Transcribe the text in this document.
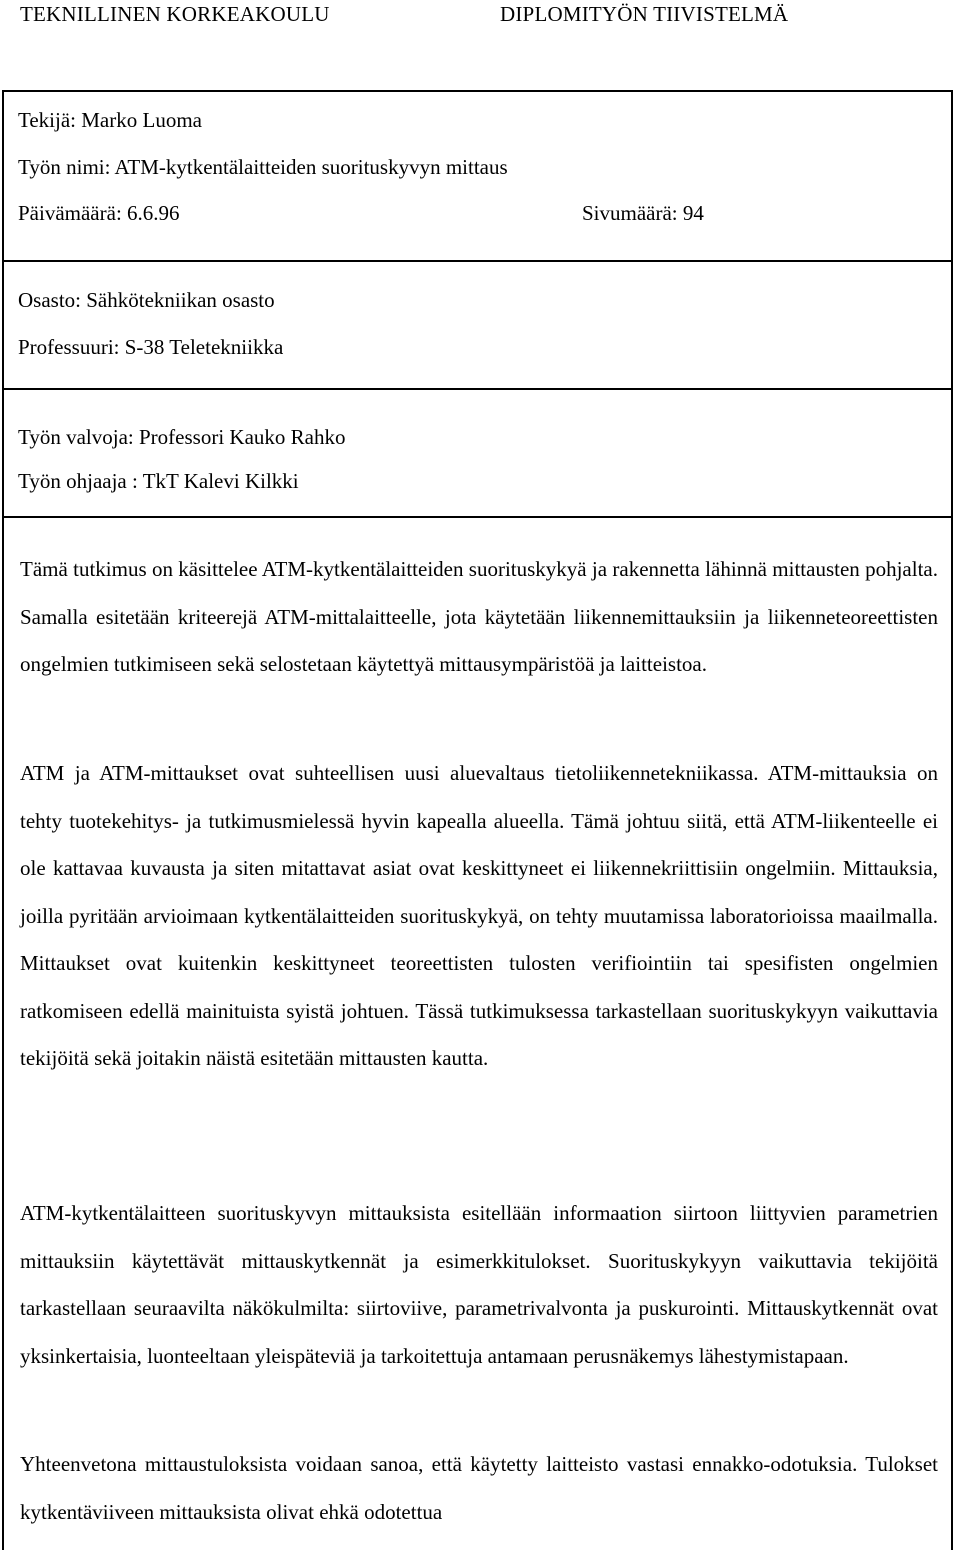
TEKNILLINEN KORKEAKOULU	DIPLOMITYÖN TIIVISTELMÄ
Tekijä: Marko Luoma
Työn nimi: ATM-kytkentälaitteiden suorituskyvyn mittaus
Päivämäärä: 6.6.96	Sivumäärä: 94
Osasto: Sähkötekniikan osasto
Professuuri: S-38 Teletekniikka
Työn valvoja: Professori Kauko Rahko
Työn ohjaaja : TkT Kalevi Kilkki

Tämä tutkimus on käsittelee ATM-kytkentälaitteiden suorituskykyä ja rakennetta lähinnä mittausten pohjalta. Samalla esitetään kriteerejä ATM-mittalaitteelle, jota käytetään liikennemittauksiin ja liikenneteoreettisten ongelmien tutkimiseen sekä selostetaan käytettyä mittausympäristöä ja laitteistoa.

ATM ja ATM-mittaukset ovat suhteellisen uusi aluevaltaus tietoliikennetekniikassa. ATM-mittauksia on tehty tuotekehitys- ja tutkimusmielessä hyvin kapealla alueella. Tämä johtuu siitä, että ATM-liikenteelle ei ole kattavaa kuvausta ja siten mitattavat asiat ovat keskittyneet ei liikennekriittisiin ongelmiin. Mittauksia, joilla pyritään arvioimaan kytkentälaitteiden suorituskykyä, on tehty muutamissa laboratorioissa maailmalla. Mittaukset ovat kuitenkin keskittyneet teoreettisten tulosten verifiointiin tai spesifisten ongelmien ratkomiseen edellä mainituista syistä johtuen. Tässä tutkimuksessa tarkastellaan suorituskykyyn vaikuttavia tekijöitä sekä joitakin näistä esitetään mittausten kautta.

ATM-kytkentälaitteen suorituskyvyn mittauksista esitellään informaation siirtoon liittyvien parametrien mittauksiin käytettävät mittauskytkennät ja esimerkkitulokset. Suorituskykyyn vaikuttavia tekijöitä tarkastellaan seuraavilta näkökulmilta: siirtoviive, parametrivalvonta ja puskurointi. Mittauskytkennät ovat yksinkertaisia, luonteeltaan yleispäteviä ja tarkoitettuja antamaan perusnäkemys lähestymistapaan.

Yhteenvetona mittaustuloksista voidaan sanoa, että käytetty laitteisto vastasi ennakko-odotuksia. Tulokset kytkentäviiveen mittauksista olivat ehkä odotettua
